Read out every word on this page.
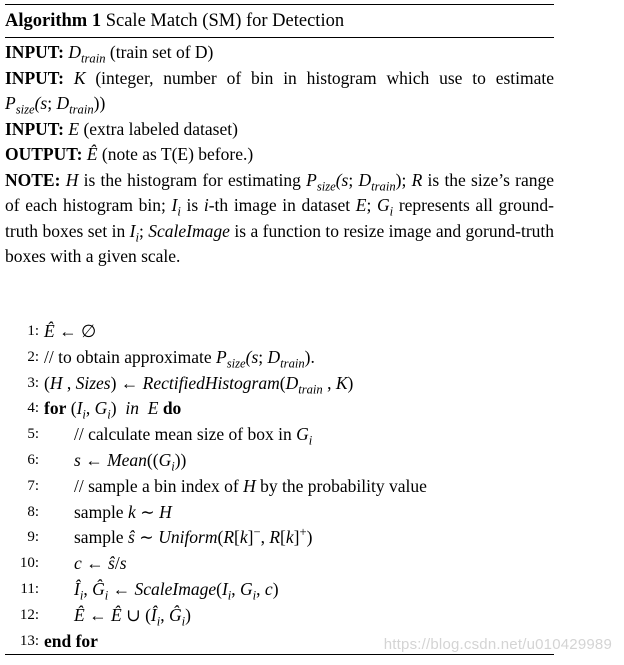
Algorithm 1 Scale Match (SM) for Detection
INPUT: $D_{train}$ (train set of D)
INPUT: K (integer, number of bin in histogram which use to estimate $P_{size}(s$; $D_{train}$))
INPUT: E (extra labeled dataset)
OUTPUT: Ê (note as T(E) before.)
NOTE: H is the histogram for estimating $P_{size}(s$; $D_{train}$); R is the size’s range of each histogram bin; $I_i$ is i-th image in dataset E; $G_i$ represents all ground-truth boxes set in $I_i$; ScaleImage is a function to resize image and gorund-truth boxes with a given scale.
1: Ê ← ∅
2: // to obtain approximate $P_{size}(s$; $D_{train}$).
3: (H , Sizes) ← $RectifiedHistogram(D_{train}$ , K)
4: for ($I_i$, $G_i$)  in E do
5: // calculate mean size of box in $G_i$
6: s ← $Mean((G_i))$
7: // sample a bin index of H by the probability value
8: sample k ∼ H
9: sample ŝ ∼ Uniform(R[k]−, R[k]+)
10: c ← ŝ/s
11: $Î_i$, $Ĝ_i$ ← $ScaleImage(I_i$, $G_i$, c)
12: Ê ← Ê ∪ ($Î_i$, $Ĝ_i$)
13: end for	https://blog.csdn.net/u010429989
